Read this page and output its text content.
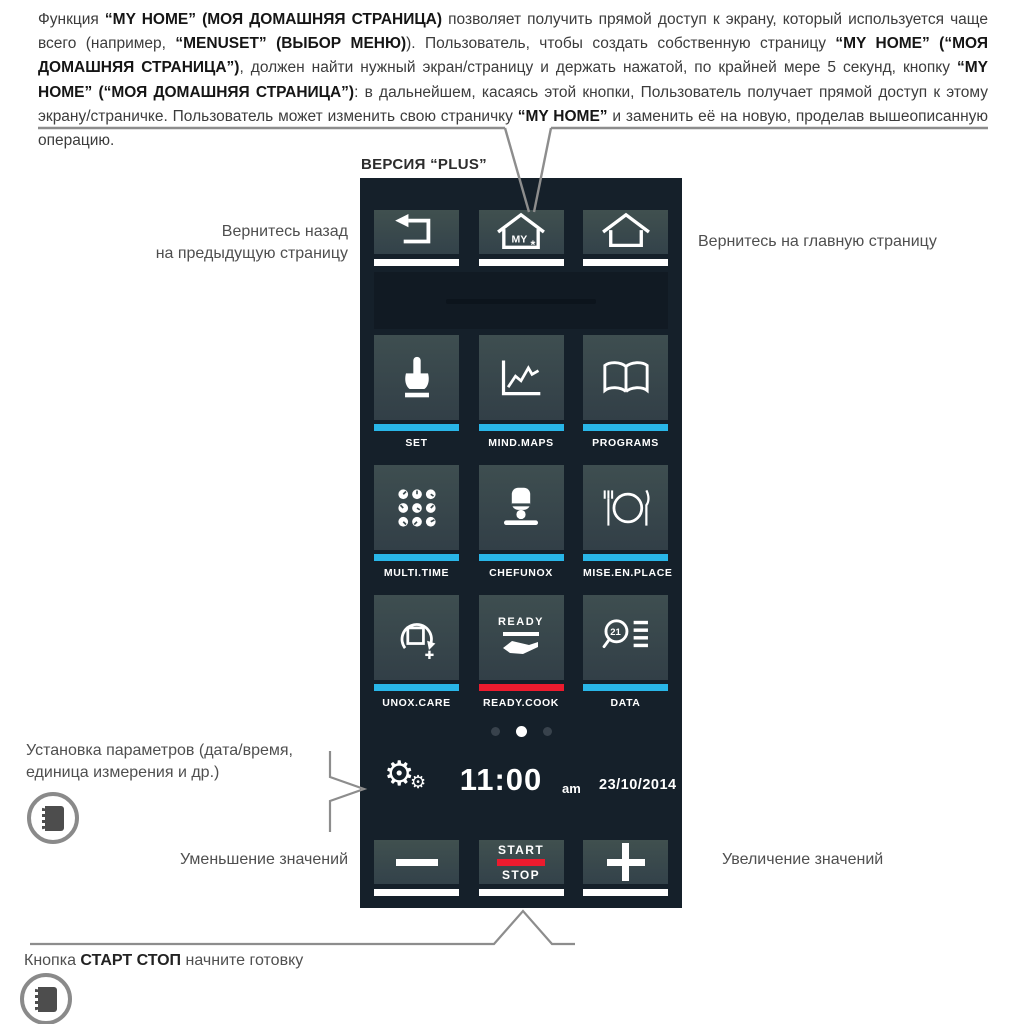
Функция “MY HOME” (МОЯ ДОМАШНЯЯ СТРАНИЦА) позволяет получить прямой доступ к экрану, который используется чаще всего (например, “MENUSET” (ВЫБОР МЕНЮ)). Пользователь, чтобы создать собственную страницу “MY HOME” (“МОЯ ДОМАШНЯЯ СТРАНИЦА”), должен найти нужный экран/страницу и держать нажатой, по крайней мере 5 секунд, кнопку “MY HOME” (“МОЯ ДОМАШНЯЯ СТРАНИЦА”): в дальнейшем, касаясь этой кнопки, Пользователь получает прямой доступ к этому экрану/страничке. Пользователь может изменить свою страничку “MY HOME” и заменить её на новую, проделав вышеописанную операцию.

ВЕРСИЯ “PLUS”
MY *
SET	MIND.MAPS	PROGRAMS
MULTI.TIME	CHEFUNOX	MISE.EN.PLACE
UNOX.CARE
READY
READY.COOK
21
DATA
⚙
⚙	11:00	am 23/10/2014
START
STOP
Вернитесь назад
на предыдущую страницу
Вернитесь на главную страницу
Установка параметров (дата/время,
единица измерения и др.)
Уменьшение значений	Увеличение значений
Кнопка СТАРТ СТОП начните готовку
